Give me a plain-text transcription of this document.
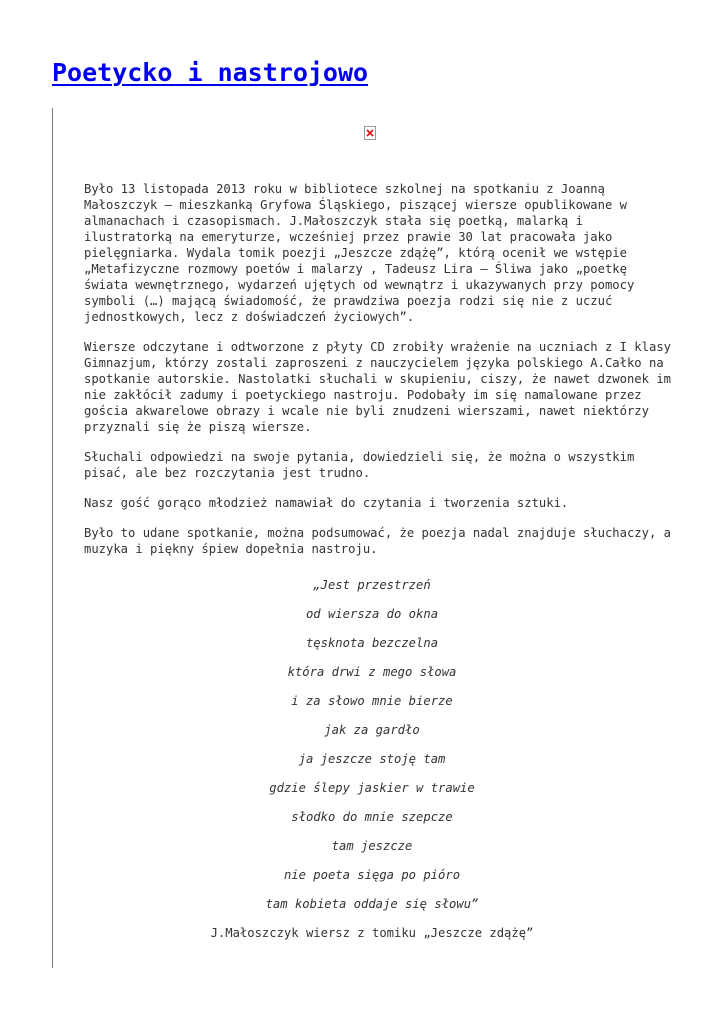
Poetycko i nastrojowo

Było 13 listopada 2013 roku w bibliotece szkolnej na spotkaniu z Joanną Małoszczyk – mieszkanką Gryfowa Śląskiego, piszącej wiersze opublikowane w almanachach i czasopismach. J.Małoszczyk stała się poetką, malarką i ilustratorką na emeryturze, wcześniej przez prawie 30 lat pracowała jako pielęgniarka. Wydala tomik poezji „Jeszcze zdążę”, którą ocenił we wstępie „Metafizyczne rozmowy poetów i malarzy , Tadeusz Lira – Śliwa jako „poetkę świata wewnętrznego, wydarzeń ujętych od wewnątrz i ukazywanych przy pomocy symboli (…) mającą świadomość, że prawdziwa poezja rodzi się nie z uczuć jednostkowych, lecz z doświadczeń życiowych”.

Wiersze odczytane i odtworzone z płyty CD zrobiły wrażenie na uczniach z I klasy Gimnazjum, którzy zostali zaproszeni z nauczycielem języka polskiego A.Całko na spotkanie autorskie. Nastolatki słuchali w skupieniu, ciszy, że nawet dzwonek im nie zakłócił zadumy i poetyckiego nastroju. Podobały im się namalowane przez gościa akwarelowe obrazy i wcale nie byli znudzeni wierszami, nawet niektórzy przyznali się że piszą wiersze.

Słuchali odpowiedzi na swoje pytania, dowiedzieli się, że można o wszystkim pisać, ale bez rozczytania jest trudno.

Nasz gość gorąco młodzież namawiał do czytania i tworzenia sztuki.

Było to udane spotkanie, można podsumować, że poezja nadal znajduje słuchaczy, a muzyka i piękny śpiew dopełnia nastroju.

„Jest przestrzeń

od wiersza do okna

tęsknota bezczelna

która drwi z mego słowa

i za słowo mnie bierze

jak za gardło

ja jeszcze stoję tam

gdzie ślepy jaskier w trawie

słodko do mnie szepcze

tam jeszcze

nie poeta sięga po pióro

tam kobieta oddaje się słowu”

J.Małoszczyk wiersz z tomiku „Jeszcze zdążę”
